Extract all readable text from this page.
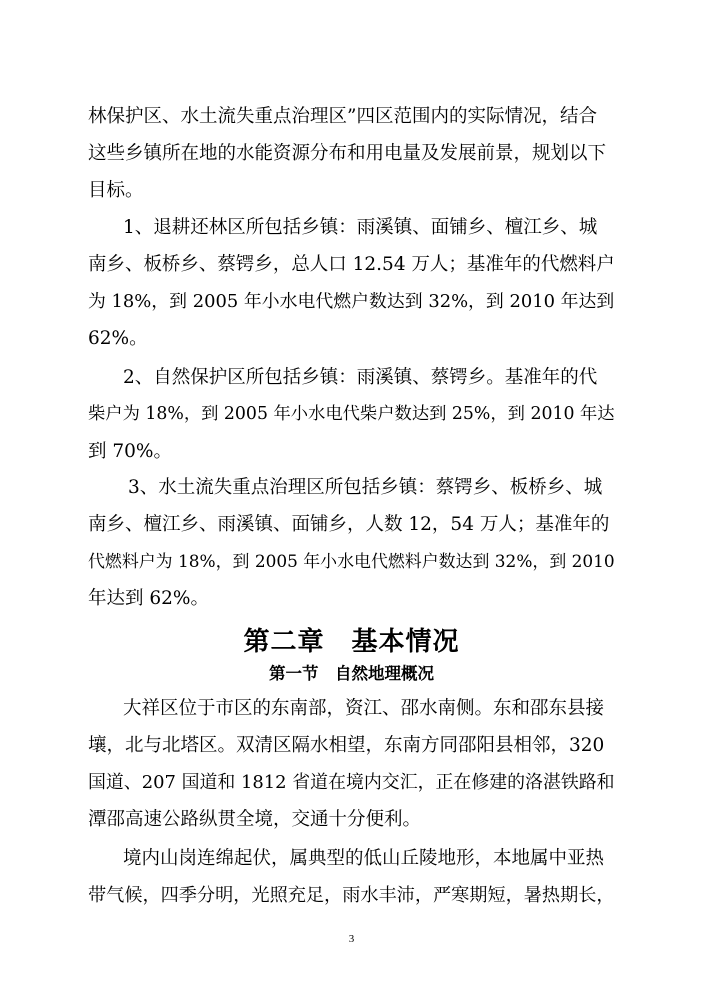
林保护区、水土流失重点治理区”四区范围内的实际情况，结合
这些乡镇所在地的水能资源分布和用电量及发展前景，规划以下
目标。
1、退耕还林区所包括乡镇：雨溪镇、面铺乡、檀江乡、城
南乡、板桥乡、蔡锷乡，总人口 12.54 万人；基准年的代燃料户
为 18%，到 2005 年小水电代燃户数达到 32%，到 2010 年达到
62%。
2、自然保护区所包括乡镇：雨溪镇、蔡锷乡。基准年的代
柴户为 18%，到 2005 年小水电代柴户数达到 25%，到 2010 年达
到 70%。
3、水土流失重点治理区所包括乡镇：蔡锷乡、板桥乡、城
南乡、檀江乡、雨溪镇、面铺乡，人数 12，54 万人；基准年的
代燃料户为 18%，到 2005 年小水电代燃料户数达到 32%，到 2010
年达到 62%。
第二章　基本情况
第一节　自然地理概况
大祥区位于市区的东南部，资江、邵水南侧。东和邵东县接
壤，北与北塔区。双清区隔水相望，东南方同邵阳县相邻，320
国道、207 国道和 1812 省道在境内交汇，正在修建的洛湛铁路和
潭邵高速公路纵贯全境，交通十分便利。
境内山岗连绵起伏，属典型的低山丘陵地形，本地属中亚热
带气候，四季分明，光照充足，雨水丰沛，严寒期短，暑热期长，
3
